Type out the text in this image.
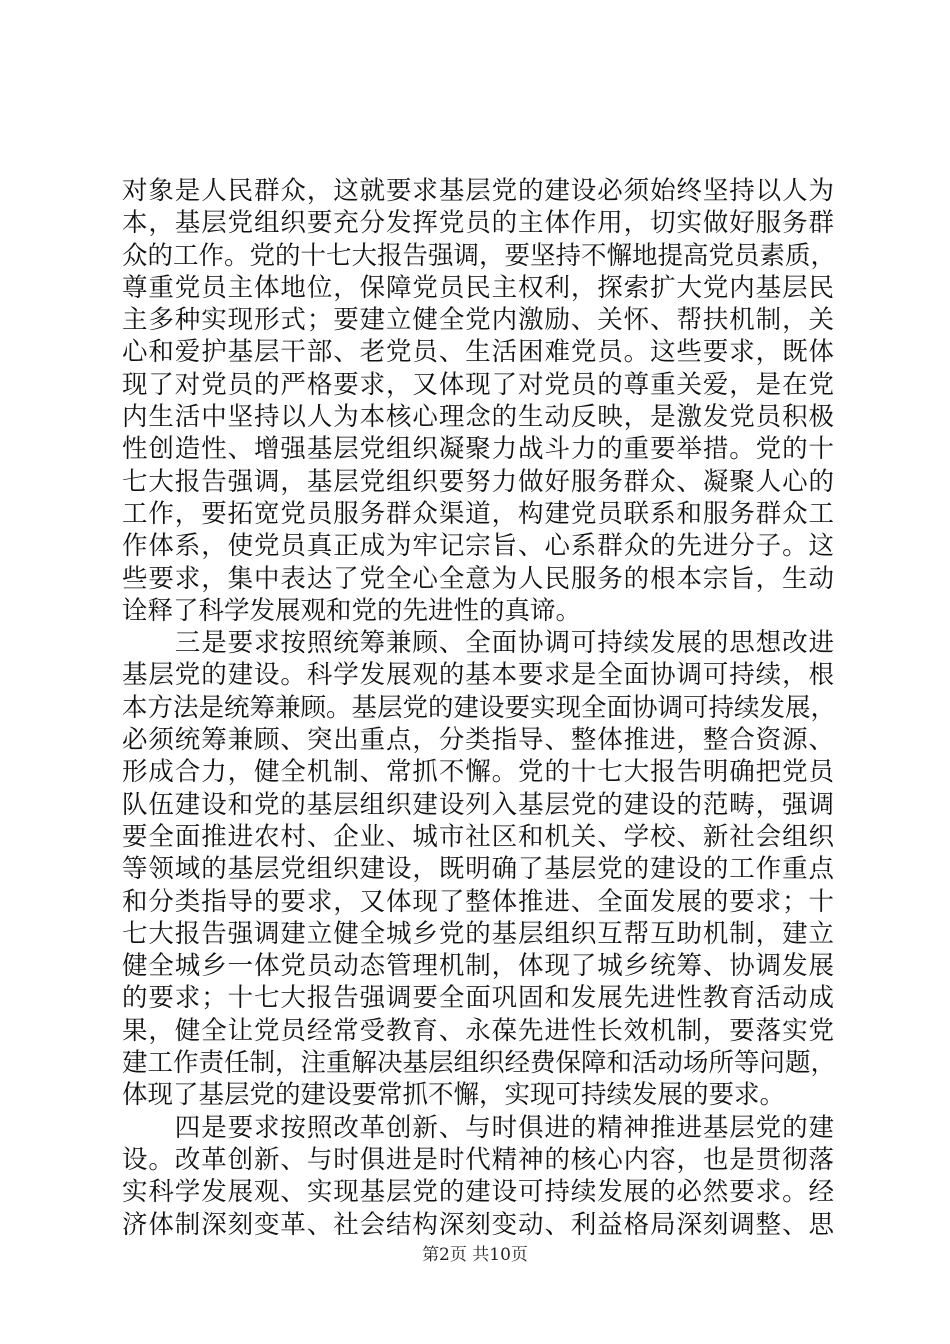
对象是人民群众，这就要求基层党的建设必须始终坚持以人为
本，基层党组织要充分发挥党员的主体作用，切实做好服务群
众的工作。党的十七大报告强调，要坚持不懈地提高党员素质，
尊重党员主体地位，保障党员民主权利，探索扩大党内基层民
主多种实现形式；要建立健全党内激励、关怀、帮扶机制，关
心和爱护基层干部、老党员、生活困难党员。这些要求，既体
现了对党员的严格要求，又体现了对党员的尊重关爱，是在党
内生活中坚持以人为本核心理念的生动反映，是激发党员积极
性创造性、增强基层党组织凝聚力战斗力的重要举措。党的十
七大报告强调，基层党组织要努力做好服务群众、凝聚人心的
工作，要拓宽党员服务群众渠道，构建党员联系和服务群众工
作体系，使党员真正成为牢记宗旨、心系群众的先进分子。这
些要求，集中表达了党全心全意为人民服务的根本宗旨，生动
诠释了科学发展观和党的先进性的真谛。
　　三是要求按照统筹兼顾、全面协调可持续发展的思想改进
基层党的建设。科学发展观的基本要求是全面协调可持续，根
本方法是统筹兼顾。基层党的建设要实现全面协调可持续发展，
必须统筹兼顾、突出重点，分类指导、整体推进，整合资源、
形成合力，健全机制、常抓不懈。党的十七大报告明确把党员
队伍建设和党的基层组织建设列入基层党的建设的范畴，强调
要全面推进农村、企业、城市社区和机关、学校、新社会组织
等领域的基层党组织建设，既明确了基层党的建设的工作重点
和分类指导的要求，又体现了整体推进、全面发展的要求；十
七大报告强调建立健全城乡党的基层组织互帮互助机制，建立
健全城乡一体党员动态管理机制，体现了城乡统筹、协调发展
的要求；十七大报告强调要全面巩固和发展先进性教育活动成
果，健全让党员经常受教育、永葆先进性长效机制，要落实党
建工作责任制，注重解决基层组织经费保障和活动场所等问题，
体现了基层党的建设要常抓不懈，实现可持续发展的要求。
　　四是要求按照改革创新、与时俱进的精神推进基层党的建
设。改革创新、与时俱进是时代精神的核心内容，也是贯彻落
实科学发展观、实现基层党的建设可持续发展的必然要求。经
济体制深刻变革、社会结构深刻变动、利益格局深刻调整、思
第2页 共10页
